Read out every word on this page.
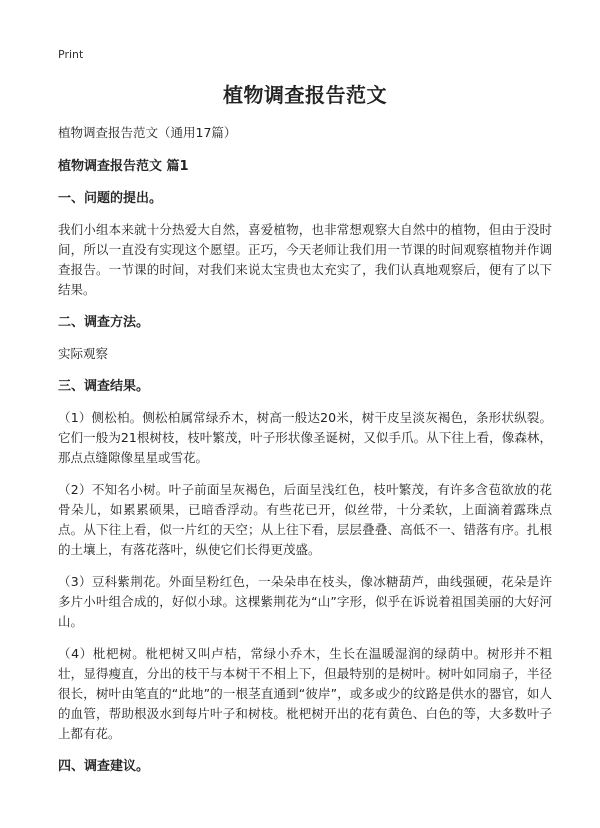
Print
植物调查报告范文
植物调查报告范文（通用17篇）
植物调查报告范文 篇1
一、问题的提出。

我们小组本来就十分热爱大自然，喜爱植物，也非常想观察大自然中的植物，但由于没时间，所以一直没有实现这个愿望。正巧，今天老师让我们用一节课的时间观察植物并作调查报告。一节课的时间，对我们来说太宝贵也太充实了，我们认真地观察后，便有了以下结果。

二、调查方法。

实际观察

三、调查结果。

（1）侧松柏。侧松柏属常绿乔木，树高一般达20米，树干皮呈淡灰褐色，条形状纵裂。它们一般为21根树枝，枝叶繁茂，叶子形状像圣诞树，又似手爪。从下往上看，像森林，那点点缝隙像星星或雪花。

（2）不知名小树。叶子前面呈灰褐色，后面呈浅红色，枝叶繁茂，有许多含苞欲放的花骨朵儿，如累累硕果，已暗香浮动。有些花已开，似丝带，十分柔软，上面滴着露珠点点。从下往上看，似一片红的天空；从上往下看，层层叠叠、高低不一、错落有序。扎根的土壤上，有落花落叶，纵使它们长得更茂盛。

（3）豆科紫荆花。外面呈粉红色，一朵朵串在枝头，像冰糖葫芦，曲线强硬，花朵是许多片小叶组合成的，好似小球。这棵紫荆花为“山”字形，似乎在诉说着祖国美丽的大好河山。

（4）枇杷树。枇杷树又叫卢桔，常绿小乔木，生长在温暖湿润的绿荫中。树形并不粗壮，显得瘦直，分出的枝干与本树干不相上下，但最特别的是树叶。树叶如同扇子，半径很长，树叶由笔直的“此地”的一根茎直通到“彼岸”，或多或少的纹路是供水的器官，如人的血管，帮助根汲水到每片叶子和树枝。枇杷树开出的花有黄色、白色的等，大多数叶子上都有花。

四、调查建议。
